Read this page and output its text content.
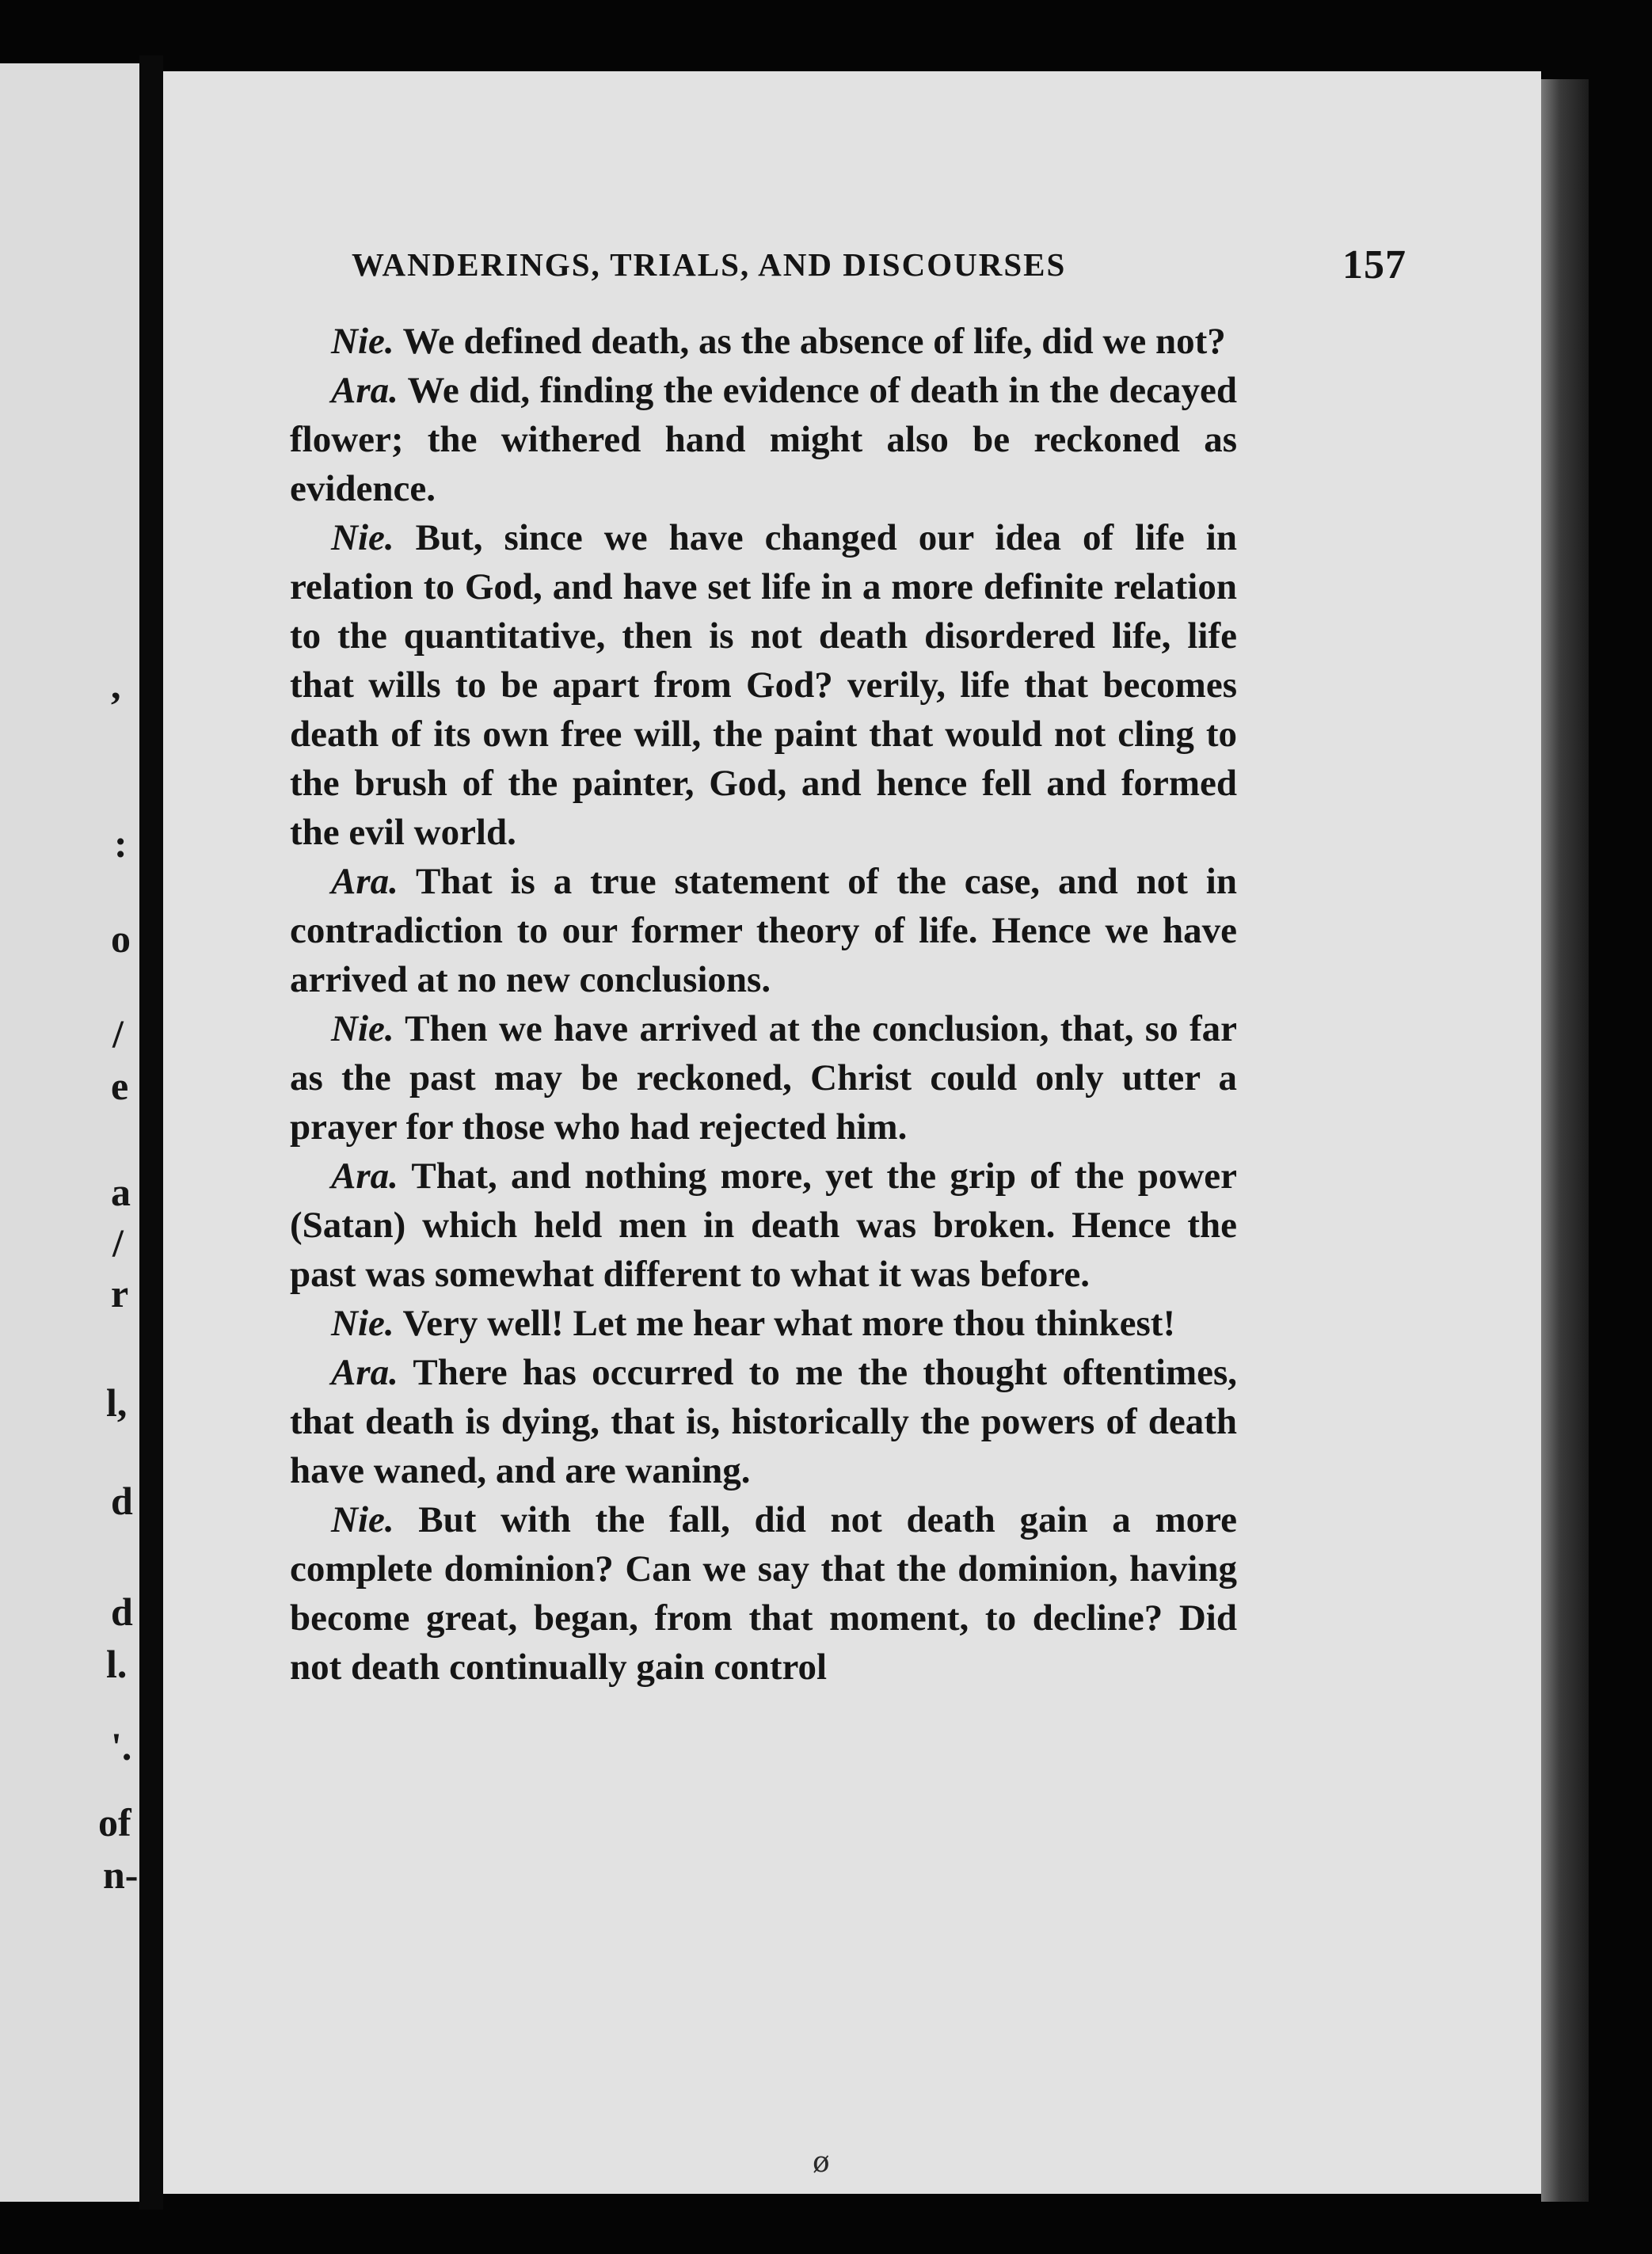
,
:
o
/
e
a
/
r
l,
d
d
l.
'.
of
n-
WANDERINGS, TRIALS, AND DISCOURSES	157

Nie. We defined death, as the absence of life, did we not?

Ara. We did, finding the evidence of death in the decayed flower; the withered hand might also be reckoned as evidence.

Nie. But, since we have changed our idea of life in relation to God, and have set life in a more definite relation to the quantitative, then is not death disordered life, life that wills to be apart from God? verily, life that becomes death of its own free will, the paint that would not cling to the brush of the painter, God, and hence fell and formed the evil world.

Ara. That is a true statement of the case, and not in contradiction to our former theory of life. Hence we have arrived at no new conclusions.

Nie. Then we have arrived at the conclusion, that, so far as the past may be reckoned, Christ could only utter a prayer for those who had rejected him.

Ara. That, and nothing more, yet the grip of the power (Satan) which held men in death was broken. Hence the past was somewhat different to what it was before.

Nie. Very well! Let me hear what more thou thinkest!

Ara. There has occurred to me the thought oftentimes, that death is dying, that is, historically the powers of death have waned, and are waning.

Nie. But with the fall, did not death gain a more complete dominion? Can we say that the dominion, having become great, began, from that moment, to decline? Did not death continually gain control

ø
